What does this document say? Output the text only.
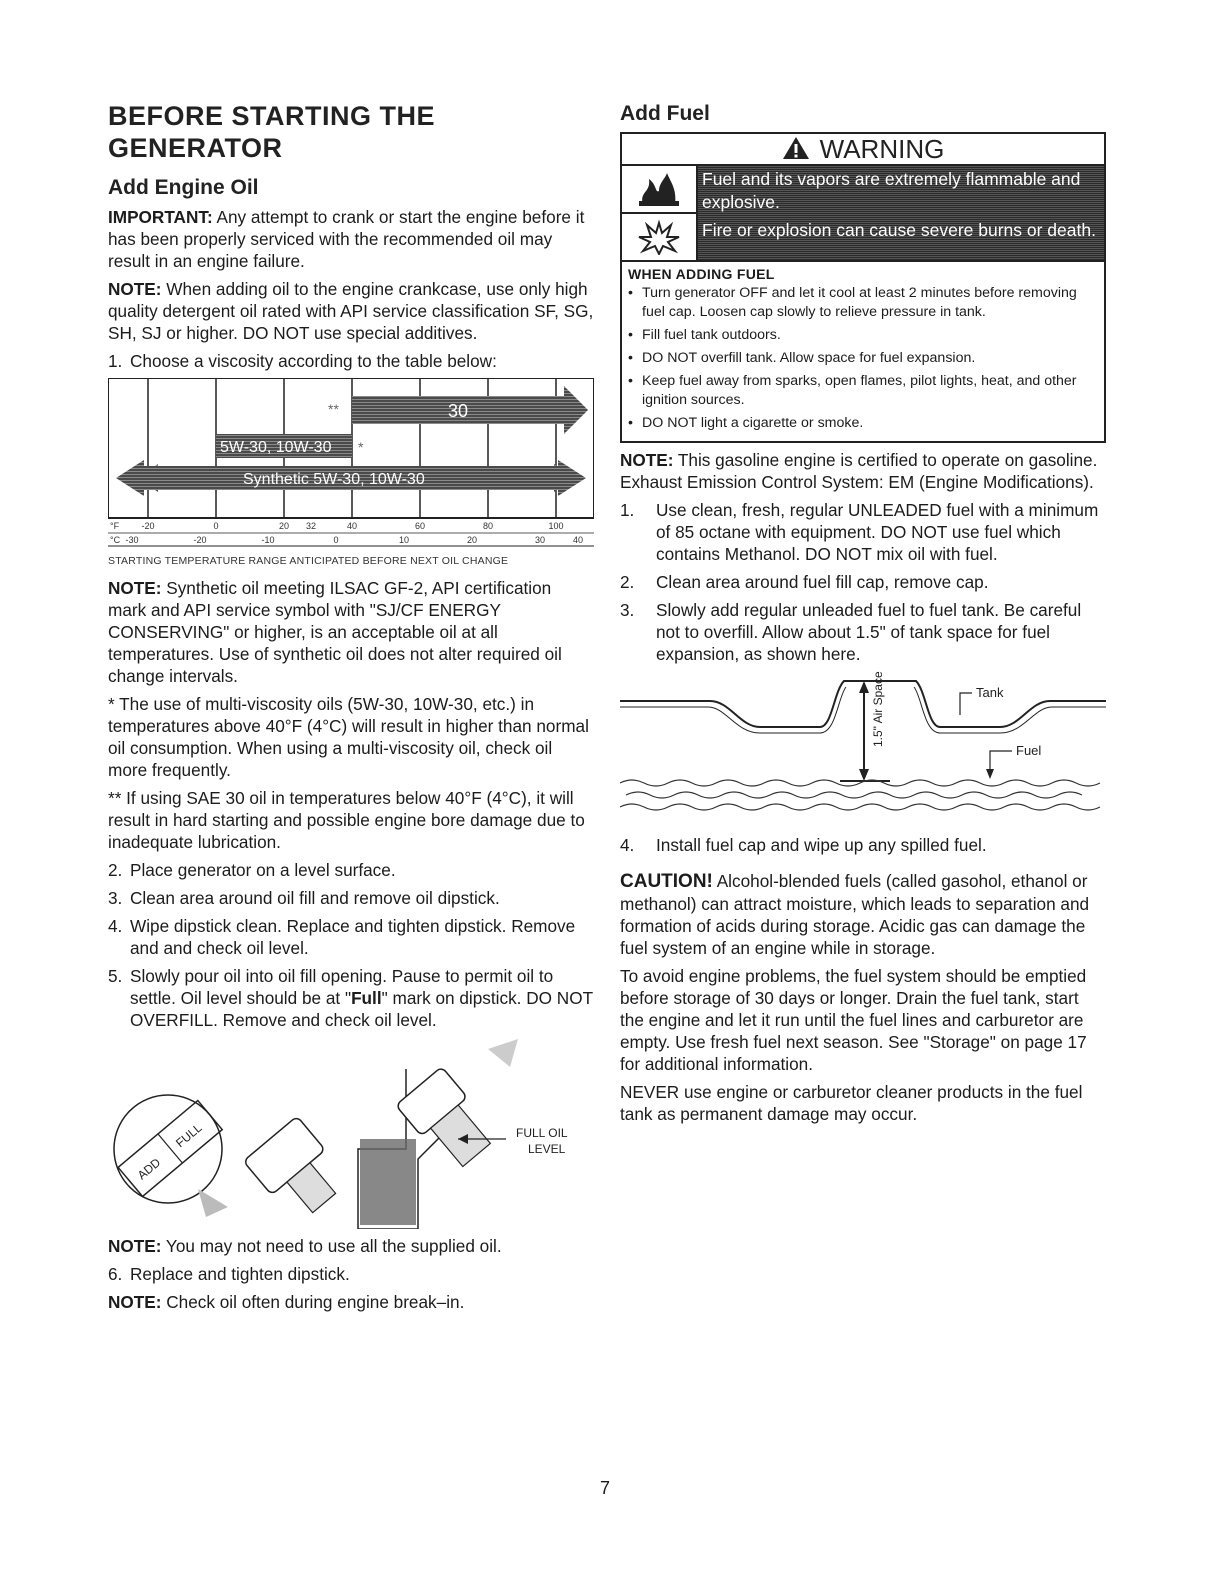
BEFORE STARTING THE
GENERATOR
Add Engine Oil

IMPORTANT: Any attempt to crank or start the engine before it has been properly serviced with the recommended oil may result in an engine failure.

NOTE: When adding oil to the engine crankcase, use only high quality detergent oil rated with API service classification SF, SG, SH, SJ or higher. DO NOT use special additives.

1. Choose a viscosity according to the table below:
30
**
5W-30, 10W-30 *
Synthetic 5W-30, 10W-30
°F
°C
-20	0	20 32	40	60	80	100
-30	-20	-10	0	10	20	30	40
STARTING TEMPERATURE RANGE ANTICIPATED BEFORE NEXT OIL CHANGE

NOTE: Synthetic oil meeting ILSAC GF-2, API certification mark and API service symbol with "SJ/CF ENERGY CONSERVING" or higher, is an acceptable oil at all temperatures. Use of synthetic oil does not alter required oil change intervals.

* The use of multi-viscosity oils (5W-30, 10W-30, etc.) in temperatures above 40°F (4°C) will result in higher than normal oil consumption. When using a multi-viscosity oil, check oil more frequently.

** If using SAE 30 oil in temperatures below 40°F (4°C), it will result in hard starting and possible engine bore damage due to inadequate lubrication.

2. Place generator on a level surface.
3. Clean area around oil fill and remove oil dipstick.
4. Wipe dipstick clean. Replace and tighten dipstick. Remove and and check oil level.
5. Slowly pour oil into oil fill opening. Pause to permit oil to settle. Oil level should be at "Full" mark on dipstick. DO NOT OVERFILL. Remove and check oil level.
ADD
FULL	FULL OIL
LEVEL

NOTE: You may not need to use all the supplied oil.

6. Replace and tighten dipstick.

NOTE: Check oil often during engine break–in.

Add Fuel
WARNING
Fuel and its vapors are extremely flammable and explosive.
Fire or explosion can cause severe burns or death.
WHEN ADDING FUEL
• Turn generator OFF and let it cool at least 2 minutes before removing fuel cap. Loosen cap slowly to relieve pressure in tank.
• Fill fuel tank outdoors.
• DO NOT overfill tank. Allow space for fuel expansion.
• Keep fuel away from sparks, open flames, pilot lights, heat, and other ignition sources.
• DO NOT light a cigarette or smoke.

NOTE: This gasoline engine is certified to operate on gasoline. Exhaust Emission Control System: EM (Engine Modifications).

1.	Use clean, fresh, regular UNLEADED fuel with a minimum of 85 octane with equipment. DO NOT use fuel which contains Methanol. DO NOT mix oil with fuel.
2.	Clean area around fuel fill cap, remove cap.
3.	Slowly add regular unleaded fuel to fuel tank. Be careful not to overfill. Allow about 1.5" of tank space for fuel expansion, as shown here.
1.5" Air Space	Tank
Fuel
4.	Install fuel cap and wipe up any spilled fuel.

CAUTION! Alcohol-blended fuels (called gasohol, ethanol or methanol) can attract moisture, which leads to separation and formation of acids during storage. Acidic gas can damage the fuel system of an engine while in storage.

To avoid engine problems, the fuel system should be emptied before storage of 30 days or longer. Drain the fuel tank, start the engine and let it run until the fuel lines and carburetor are empty. Use fresh fuel next season. See "Storage" on page 17 for additional information.

NEVER use engine or carburetor cleaner products in the fuel tank as permanent damage may occur.

7
